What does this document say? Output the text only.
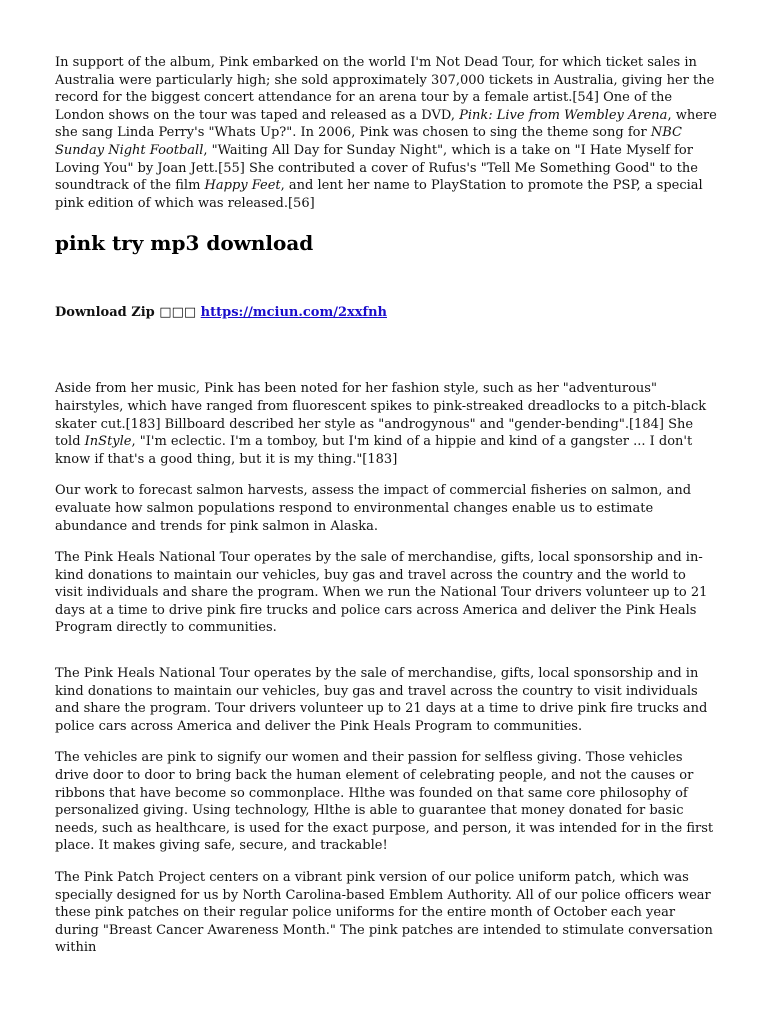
In support of the album, Pink embarked on the world I'm Not Dead Tour, for which ticket sales in Australia were particularly high; she sold approximately 307,000 tickets in Australia, giving her the record for the biggest concert attendance for an arena tour by a female artist.[54] One of the London shows on the tour was taped and released as a DVD, Pink: Live from Wembley Arena, where she sang Linda Perry's "Whats Up?". In 2006, Pink was chosen to sing the theme song for NBC Sunday Night Football, "Waiting All Day for Sunday Night", which is a take on "I Hate Myself for Loving You" by Joan Jett.[55] She contributed a cover of Rufus's "Tell Me Something Good" to the soundtrack of the film Happy Feet, and lent her name to PlayStation to promote the PSP, a special pink edition of which was released.[56]

pink try mp3 download
Download Zip □□□ https://mciun.com/2xxfnh

Aside from her music, Pink has been noted for her fashion style, such as her "adventurous" hairstyles, which have ranged from fluorescent spikes to pink-streaked dreadlocks to a pitch-black skater cut.[183] Billboard described her style as "androgynous" and "gender-bending".[184] She told InStyle, "I'm eclectic. I'm a tomboy, but I'm kind of a hippie and kind of a gangster ... I don't know if that's a good thing, but it is my thing."[183]

Our work to forecast salmon harvests, assess the impact of commercial fisheries on salmon, and evaluate how salmon populations respond to environmental changes enable us to estimate abundance and trends for pink salmon in Alaska.

The Pink Heals National Tour operates by the sale of merchandise, gifts, local sponsorship and in-kind donations to maintain our vehicles, buy gas and travel across the country and the world to visit individuals and share the program. When we run the National Tour drivers volunteer up to 21 days at a time to drive pink fire trucks and police cars across America and deliver the Pink Heals Program directly to communities.

The Pink Heals National Tour operates by the sale of merchandise, gifts, local sponsorship and in kind donations to maintain our vehicles, buy gas and travel across the country to visit individuals and share the program. Tour drivers volunteer up to 21 days at a time to drive pink fire trucks and police cars across America and deliver the Pink Heals Program to communities.

The vehicles are pink to signify our women and their passion for selfless giving. Those vehicles drive door to door to bring back the human element of celebrating people, and not the causes or ribbons that have become so commonplace. Hlthe was founded on that same core philosophy of personalized giving. Using technology, Hlthe is able to guarantee that money donated for basic needs, such as healthcare, is used for the exact purpose, and person, it was intended for in the first place. It makes giving safe, secure, and trackable!

The Pink Patch Project centers on a vibrant pink version of our police uniform patch, which was specially designed for us by North Carolina-based Emblem Authority. All of our police officers wear these pink patches on their regular police uniforms for the entire month of October each year during "Breast Cancer Awareness Month." The pink patches are intended to stimulate conversation within
